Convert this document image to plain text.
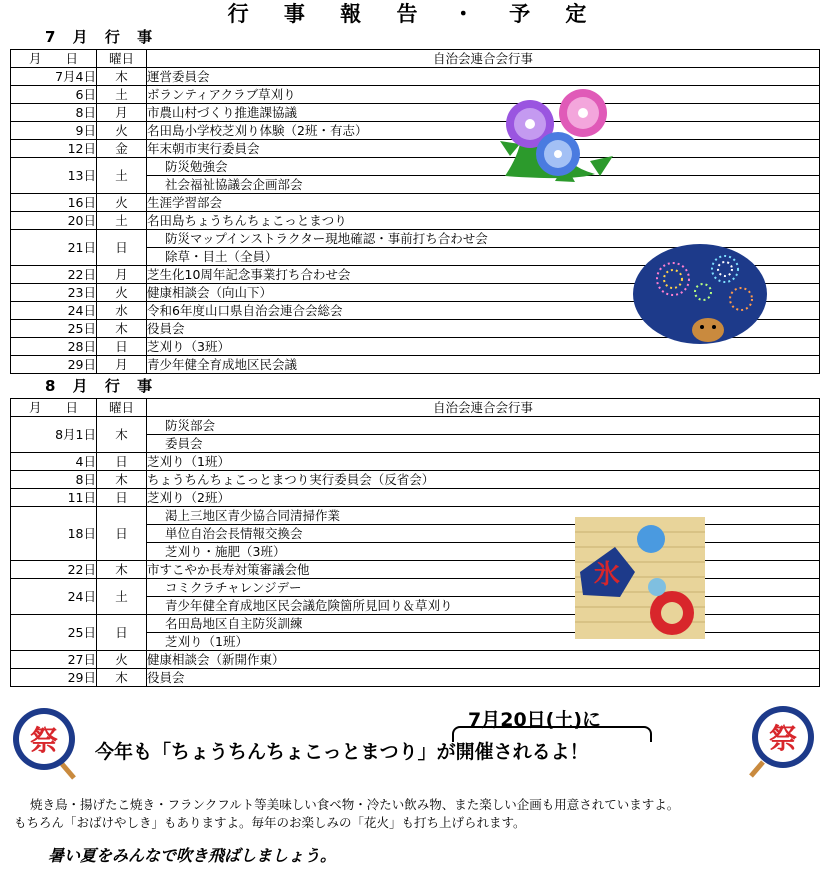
行 事 報 告 ・ 予 定
7 月 行 事
月 日	曜日	自治会連合会行事
7月4日	木	運営委員会

6日	土	ボランティアクラブ草刈り

8日	月	市農山村づくり推進課協議

9日	火	名田島小学校芝刈り体験（2班・有志）

12日	金	年末朝市実行委員会

13日	土	防災勉強会
社会福祉協議会企画部会

16日	火	生涯学習部会

20日	土	名田島ちょうちんちょこっとまつり

21日	日	防災マップインストラクター現地確認・事前打ち合わせ会
除草・目土（全員）

22日	月	芝生化10周年記念事業打ち合わせ会

23日	火	健康相談会（向山下）

24日	水	令和6年度山口県自治会連合会総会

25日	木	役員会

28日	日	芝刈り（3班）

29日	月	青少年健全育成地区民会議
8 月 行 事
月 日	曜日	自治会連合会行事
8月1日	木	防災部会
委員会

4日	日	芝刈り（1班）

8日	木	ちょうちんちょこっとまつり実行委員会（反省会）

11日	日	芝刈り（2班）

18日	日	渇上三地区青少協合同清掃作業
単位自治会長情報交換会
芝刈り・施肥（3班）

22日	木	市すこやか長寿対策審議会他

24日	土	コミクラチャレンジデー
青少年健全育成地区民会議危険箇所見回り＆草刈り

25日	日	名田島地区自主防災訓練
芝刈り（1班）

27日	火	健康相談会（新開作東）

29日	木	役員会
氷
祭	祭
7月20日(土)に
今年も「ちょうちんちょこっとまつり」が開催されるよ！
焼き鳥・揚げたこ焼き・フランクフルト等美味しい食べ物・冷たい飲み物、また楽しい企画も用意されていますよ。
もちろん「おばけやしき」もありますよ。毎年のお楽しみの「花火」も打ち上げられます。
暑い夏をみんなで吹き飛ばしましょう。
